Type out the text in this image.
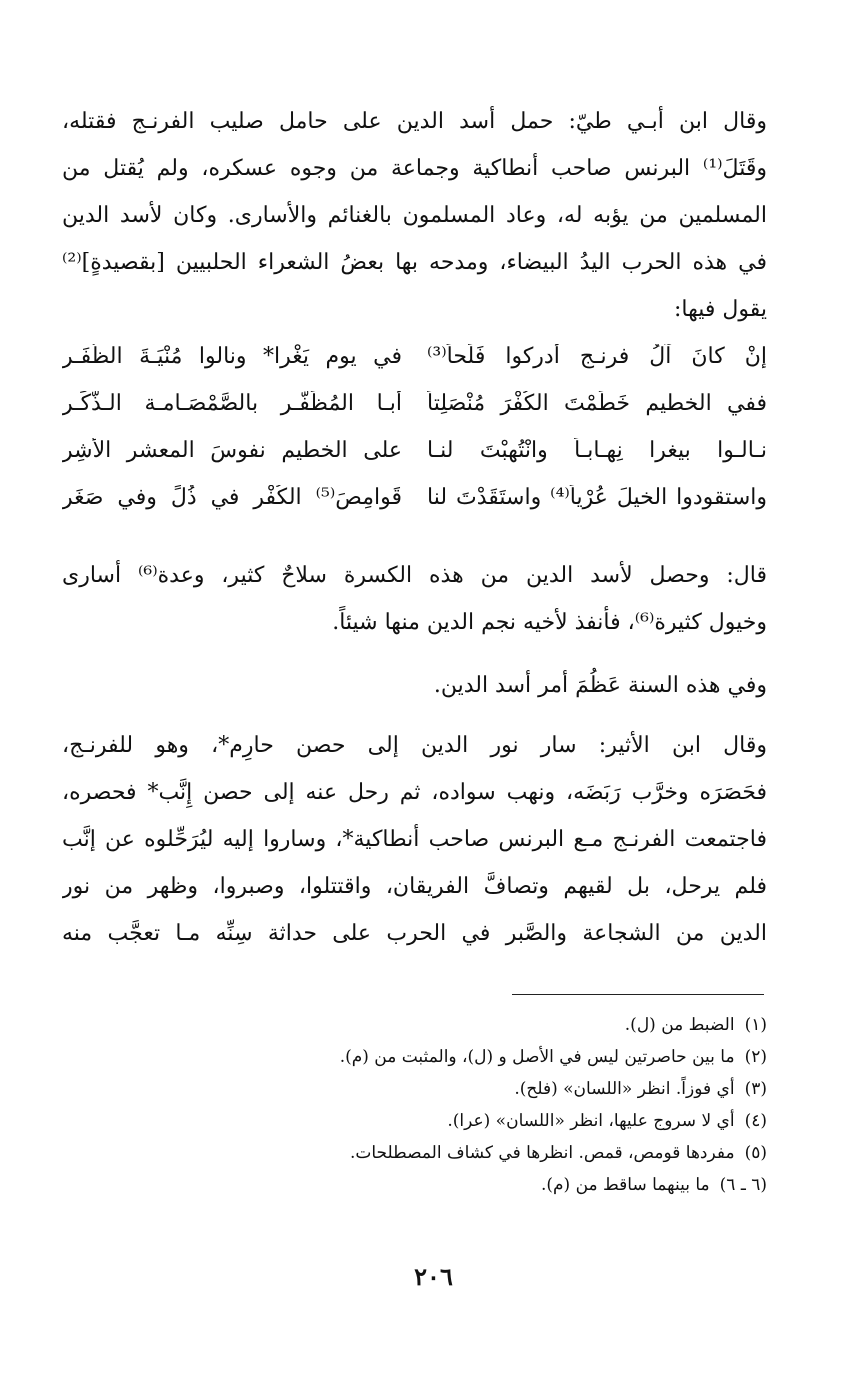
وقال ابن أبـي طيّ: حمل أسد الدين على حامل صليب الفرنـج فقتله،
وقَتَلَ⁽¹⁾ البرنس صاحب أنطاكية وجماعة من وجوه عسكره، ولم يُقتل من
المسلمين من يؤبه له، وعاد المسلمون بالغنائم والأسارى. وكان لأسد الدين
في هذه الحرب اليدُ البيضاء، ومدحه بها بعضُ الشعراء الحلبيين [بقصيدةٍ]⁽²⁾
يقول فيها:
إنْ كانَ آلُ فرنـجٍ أدركوا فَلَحاً⁽³⁾
في يوم يَغْرا* ونالوا مُنْيَـةَ الظَّفَـرِ
ففي الخطيم خَطَمْتَ الكُفْرَ مُنْصَلِتاً
أبـا المُظَفَّـرِ بالصَّمْصَـامـة الـذَّكَـرِ
نـالـوا بيغرا نِهـابـاً وانْتُهِبْتَ لنـا
على الخطيمِ نفوسَ المعشر الأَشِرِ
واستقودوا الخيلَ عُرْياً⁽⁴⁾ واستَقَدْتَ لنا
قَوامِصَ⁽⁵⁾ الكُفْرِ في ذُلٍّ وفي صَغَرِ
قال: وحصل لأسد الدين من هذه الكسرة سلاحٌ كثير، وعدة⁽⁶⁾ أسارى
وخيول كثيرة⁽⁶⁾، فأنفذ لأخيه نجم الدين منها شيئاً.
وفي هذه السنة عَظُمَ أمر أسد الدين.
وقال ابن الأثير: سار نور الدين إلى حصن حارِم*، وهو للفرنـج،
فحَصَرَه وخرَّب رَبَضَه، ونهب سواده، ثم رحل عنه إلى حصن إِنَّب* فحصره،
فاجتمعت الفرنـج مـع البرنس صاحب أنطاكية*، وساروا إليه ليُرَحِّلوه عن إنَّب
فلم يرحل، بل لقيهم وتصافَّ الفريقان، واقتتلوا، وصبروا، وظهر من نور
الدين من الشجاعة والصَّبر في الحرب على حداثة سِنِّه مـا تعجَّب منه
(١)الضبط من (ل).
(٢)ما بين حاصرتين ليس في الأصل و (ل)، والمثبت من (م).
(٣)أي فوزاً. انظر «اللسان» (فلح).
(٤)أي لا سروج عليها، انظر «اللسان» (عرا).
(٥)مفردها قومص، قمص. انظرها في كشاف المصطلحات.
(٦ ـ ٦)ما بينهما ساقط من (م).
٢٠٦
